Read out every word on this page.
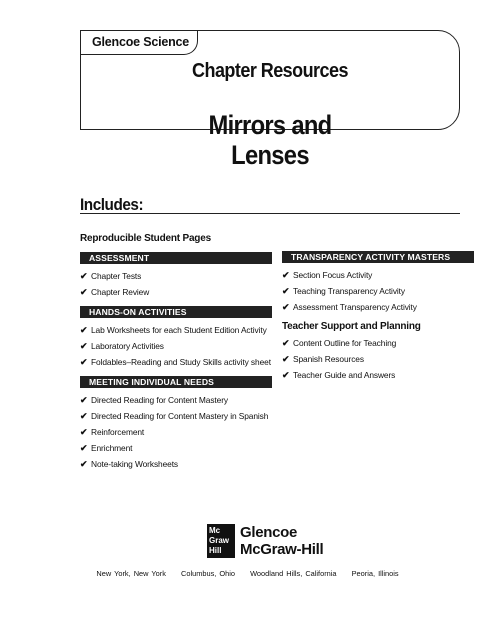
Glencoe Science
Chapter Resources
Mirrors and
Lenses
Includes:
Reproducible Student Pages
ASSESSMENT
✔ Chapter Tests
✔ Chapter Review
HANDS-ON ACTIVITIES
✔ Lab Worksheets for each Student Edition Activity
✔ Laboratory Activities
✔ Foldables–Reading and Study Skills activity sheet
MEETING INDIVIDUAL NEEDS
✔ Directed Reading for Content Mastery
✔ Directed Reading for Content Mastery in Spanish
✔ Reinforcement
✔ Enrichment
✔ Note-taking Worksheets
TRANSPARENCY ACTIVITY MASTERS
✔ Section Focus Activity
✔ Teaching Transparency Activity
✔ Assessment Transparency Activity
Teacher Support and Planning
✔ Content Outline for Teaching
✔ Spanish Resources
✔ Teacher Guide and Answers
Mc
Graw
Hill
Glencoe
McGraw-Hill
New York, New York Columbus, Ohio Woodland Hills, California Peoria, Illinois
